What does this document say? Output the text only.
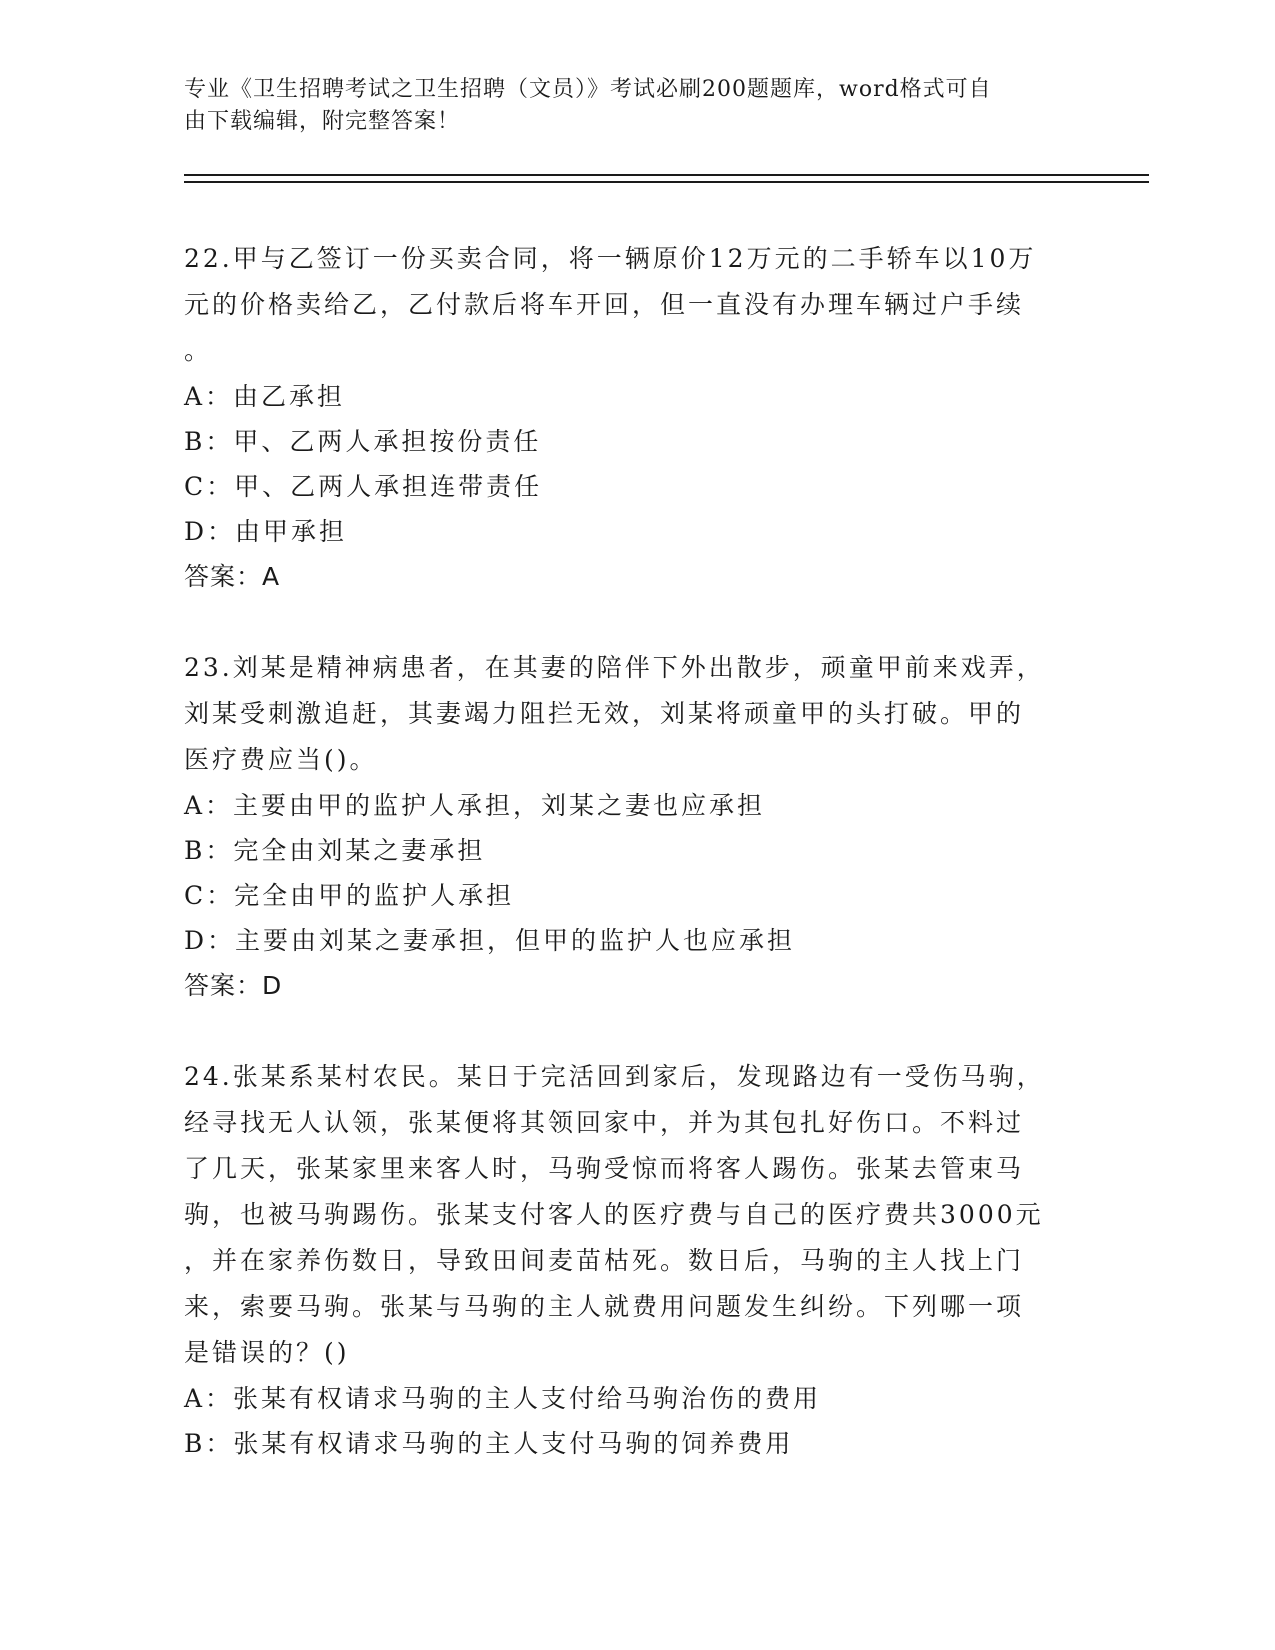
专业《卫生招聘考试之卫生招聘（文员）》考试必刷200题题库，word格式可自
由下载编辑，附完整答案！
22.甲与乙签订一份买卖合同，将一辆原价12万元的二手轿车以10万
元的价格卖给乙，乙付款后将车开回，但一直没有办理车辆过户手续
。
A：由乙承担
B：甲、乙两人承担按份责任
C：甲、乙两人承担连带责任
D：由甲承担
答案：A
23.刘某是精神病患者，在其妻的陪伴下外出散步，顽童甲前来戏弄，
刘某受刺激追赶，其妻竭力阻拦无效，刘某将顽童甲的头打破。甲的
医疗费应当()。
A：主要由甲的监护人承担，刘某之妻也应承担
B：完全由刘某之妻承担
C：完全由甲的监护人承担
D：主要由刘某之妻承担，但甲的监护人也应承担
答案：D
24.张某系某村农民。某日于完活回到家后，发现路边有一受伤马驹，
经寻找无人认领，张某便将其领回家中，并为其包扎好伤口。不料过
了几天，张某家里来客人时，马驹受惊而将客人踢伤。张某去管束马
驹，也被马驹踢伤。张某支付客人的医疗费与自己的医疗费共3000元
，并在家养伤数日，导致田间麦苗枯死。数日后，马驹的主人找上门
来，索要马驹。张某与马驹的主人就费用问题发生纠纷。下列哪一项
是错误的？()
A：张某有权请求马驹的主人支付给马驹治伤的费用
B：张某有权请求马驹的主人支付马驹的饲养费用
